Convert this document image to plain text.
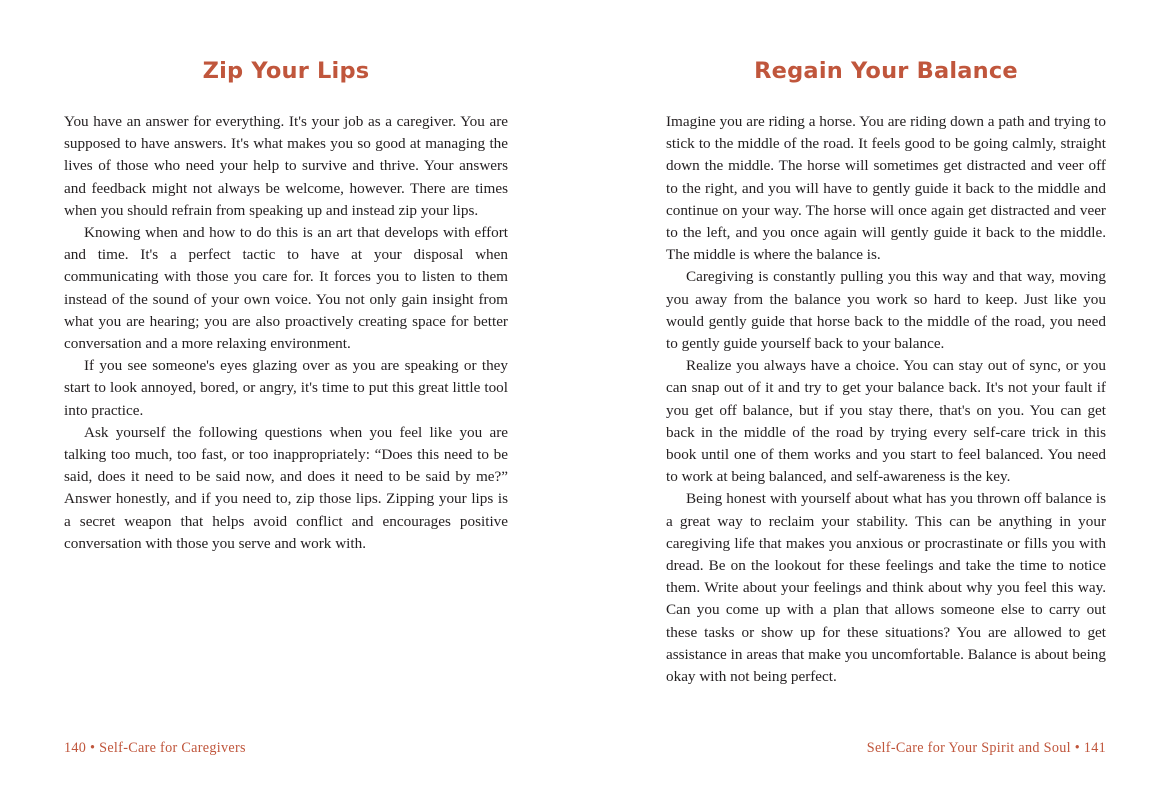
Zip Your Lips

You have an answer for everything. It's your job as a caregiver. You are supposed to have answers. It's what makes you so good at managing the lives of those who need your help to survive and thrive. Your answers and feedback might not always be welcome, however. There are times when you should refrain from speaking up and instead zip your lips.

Knowing when and how to do this is an art that develops with effort and time. It's a perfect tactic to have at your disposal when communicating with those you care for. It forces you to listen to them instead of the sound of your own voice. You not only gain insight from what you are hearing; you are also proactively creating space for better conversation and a more relaxing environment.

If you see someone's eyes glazing over as you are speaking or they start to look annoyed, bored, or angry, it's time to put this great little tool into practice.

Ask yourself the following questions when you feel like you are talking too much, too fast, or too inappropriately: “Does this need to be said, does it need to be said now, and does it need to be said by me?” Answer honestly, and if you need to, zip those lips. Zipping your lips is a secret weapon that helps avoid conflict and encourages positive conversation with those you serve and work with.

140 • Self-Care for Caregivers
Regain Your Balance

Imagine you are riding a horse. You are riding down a path and trying to stick to the middle of the road. It feels good to be going calmly, straight down the middle. The horse will sometimes get distracted and veer off to the right, and you will have to gently guide it back to the middle and continue on your way. The horse will once again get distracted and veer to the left, and you once again will gently guide it back to the middle. The middle is where the balance is.

Caregiving is constantly pulling you this way and that way, moving you away from the balance you work so hard to keep. Just like you would gently guide that horse back to the middle of the road, you need to gently guide yourself back to your balance.

Realize you always have a choice. You can stay out of sync, or you can snap out of it and try to get your balance back. It's not your fault if you get off balance, but if you stay there, that's on you. You can get back in the middle of the road by trying every self-care trick in this book until one of them works and you start to feel balanced. You need to work at being balanced, and self-awareness is the key.

Being honest with yourself about what has you thrown off balance is a great way to reclaim your stability. This can be anything in your caregiving life that makes you anxious or procrastinate or fills you with dread. Be on the lookout for these feelings and take the time to notice them. Write about your feelings and think about why you feel this way. Can you come up with a plan that allows someone else to carry out these tasks or show up for these situations? You are allowed to get assistance in areas that make you uncomfortable. Balance is about being okay with not being perfect.

Self-Care for Your Spirit and Soul • 141
